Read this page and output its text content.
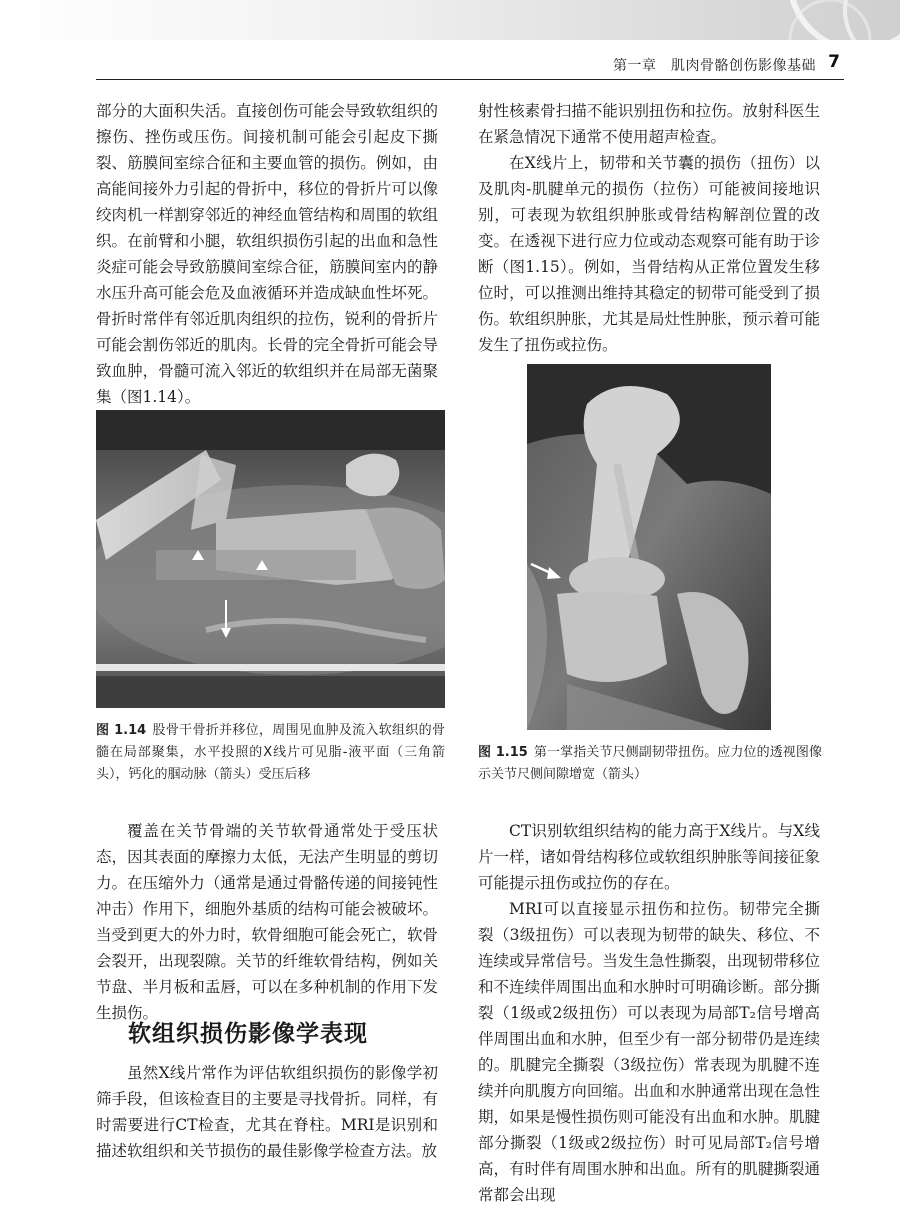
第一章　肌肉骨骼创伤影像基础 7

部分的大面积失活。直接创伤可能会导致软组织的擦伤、挫伤或压伤。间接机制可能会引起皮下撕裂、筋膜间室综合征和主要血管的损伤。例如，由高能间接外力引起的骨折中，移位的骨折片可以像绞肉机一样割穿邻近的神经血管结构和周围的软组织。在前臂和小腿，软组织损伤引起的出血和急性炎症可能会导致筋膜间室综合征，筋膜间室内的静水压升高可能会危及血液循环并造成缺血性坏死。骨折时常伴有邻近肌肉组织的拉伤，锐利的骨折片可能会割伤邻近的肌肉。长骨的完全骨折可能会导致血肿，骨髓可流入邻近的软组织并在局部无菌聚集（图1.14）。

图 1.14 股骨干骨折并移位，周围见血肿及流入软组织的骨髓在局部聚集，水平投照的X线片可见脂-液平面（三角箭头），钙化的腘动脉（箭头）受压后移

覆盖在关节骨端的关节软骨通常处于受压状态，因其表面的摩擦力太低，无法产生明显的剪切力。在压缩外力（通常是通过骨骼传递的间接钝性冲击）作用下，细胞外基质的结构可能会被破坏。当受到更大的外力时，软骨细胞可能会死亡，软骨会裂开，出现裂隙。关节的纤维软骨结构，例如关节盘、半月板和盂唇，可以在多种机制的作用下发生损伤。

软组织损伤影像学表现

虽然X线片常作为评估软组织损伤的影像学初筛手段，但该检查目的主要是寻找骨折。同样，有时需要进行CT检查，尤其在脊柱。MRI是识别和描述软组织和关节损伤的最佳影像学检查方法。放

射性核素骨扫描不能识别扭伤和拉伤。放射科医生在紧急情况下通常不使用超声检查。

在X线片上，韧带和关节囊的损伤（扭伤）以及肌肉-肌腱单元的损伤（拉伤）可能被间接地识别，可表现为软组织肿胀或骨结构解剖位置的改变。在透视下进行应力位或动态观察可能有助于诊断（图1.15）。例如，当骨结构从正常位置发生移位时，可以推测出维持其稳定的韧带可能受到了损伤。软组织肿胀，尤其是局灶性肿胀，预示着可能发生了扭伤或拉伤。

图 1.15 第一掌指关节尺侧副韧带扭伤。应力位的透视图像示关节尺侧间隙增宽（箭头）

CT识别软组织结构的能力高于X线片。与X线片一样，诸如骨结构移位或软组织肿胀等间接征象可能提示扭伤或拉伤的存在。

MRI可以直接显示扭伤和拉伤。韧带完全撕裂（3级扭伤）可以表现为韧带的缺失、移位、不连续或异常信号。当发生急性撕裂，出现韧带移位和不连续伴周围出血和水肿时可明确诊断。部分撕裂（1级或2级扭伤）可以表现为局部T₂信号增高伴周围出血和水肿，但至少有一部分韧带仍是连续的。肌腱完全撕裂（3级拉伤）常表现为肌腱不连续并向肌腹方向回缩。出血和水肿通常出现在急性期，如果是慢性损伤则可能没有出血和水肿。肌腱部分撕裂（1级或2级拉伤）时可见局部T₂信号增高，有时伴有周围水肿和出血。所有的肌腱撕裂通常都会出现
